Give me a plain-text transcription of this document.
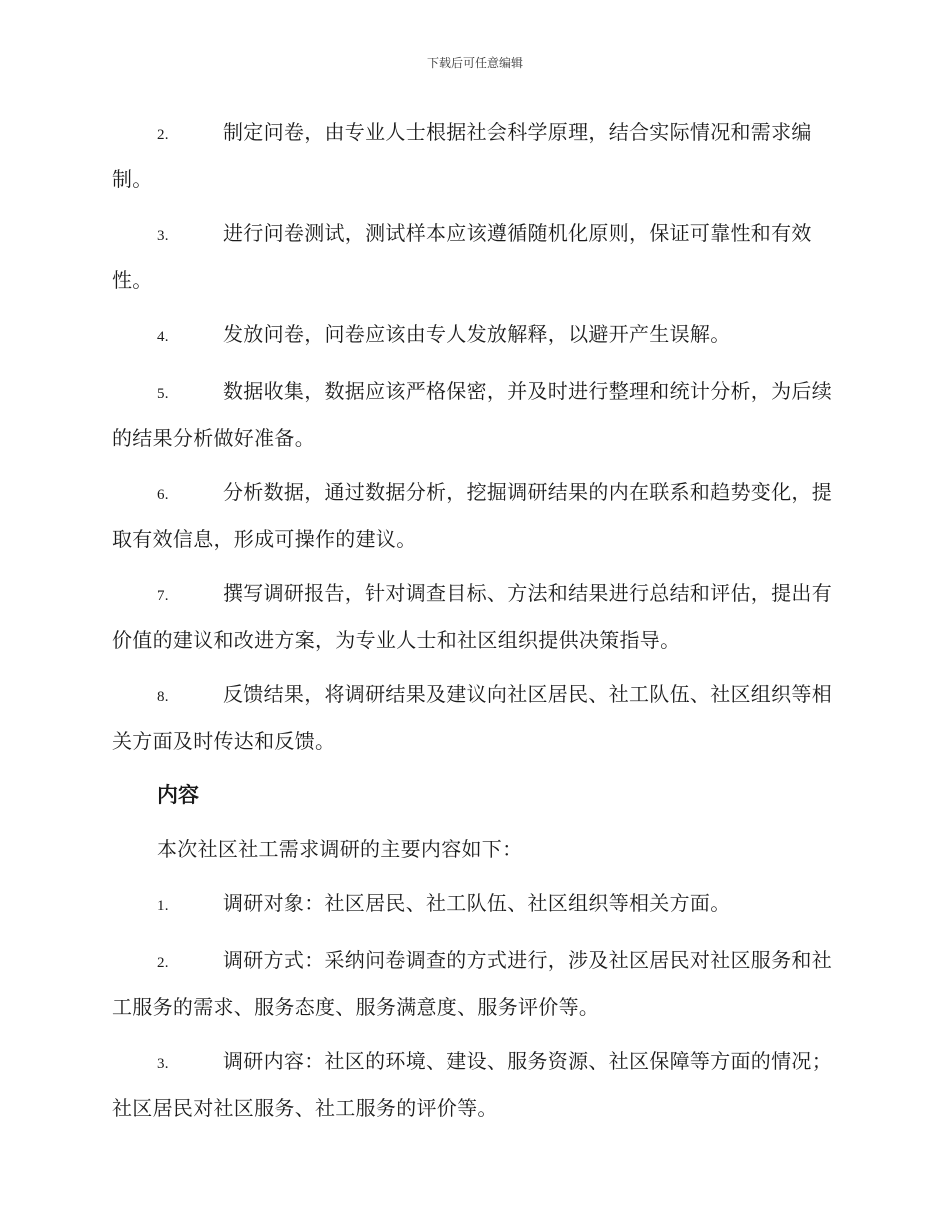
下载后可任意编辑

2.	制定问卷，由专业人士根据社会科学原理，结合实际情况和需求编制。

3.	进行问卷测试，测试样本应该遵循随机化原则，保证可靠性和有效性。

4.	发放问卷，问卷应该由专人发放解释，以避开产生误解。

5.	数据收集，数据应该严格保密，并及时进行整理和统计分析，为后续的结果分析做好准备。

6.	分析数据，通过数据分析，挖掘调研结果的内在联系和趋势变化，提取有效信息，形成可操作的建议。

7.	撰写调研报告，针对调查目标、方法和结果进行总结和评估，提出有价值的建议和改进方案，为专业人士和社区组织提供决策指导。

8.	反馈结果，将调研结果及建议向社区居民、社工队伍、社区组织等相关方面及时传达和反馈。

内容

本次社区社工需求调研的主要内容如下：

1.	调研对象：社区居民、社工队伍、社区组织等相关方面。

2.	调研方式：采纳问卷调查的方式进行，涉及社区居民对社区服务和社工服务的需求、服务态度、服务满意度、服务评价等。

3.	调研内容：社区的环境、建设、服务资源、社区保障等方面的情况；社区居民对社区服务、社工服务的评价等。
